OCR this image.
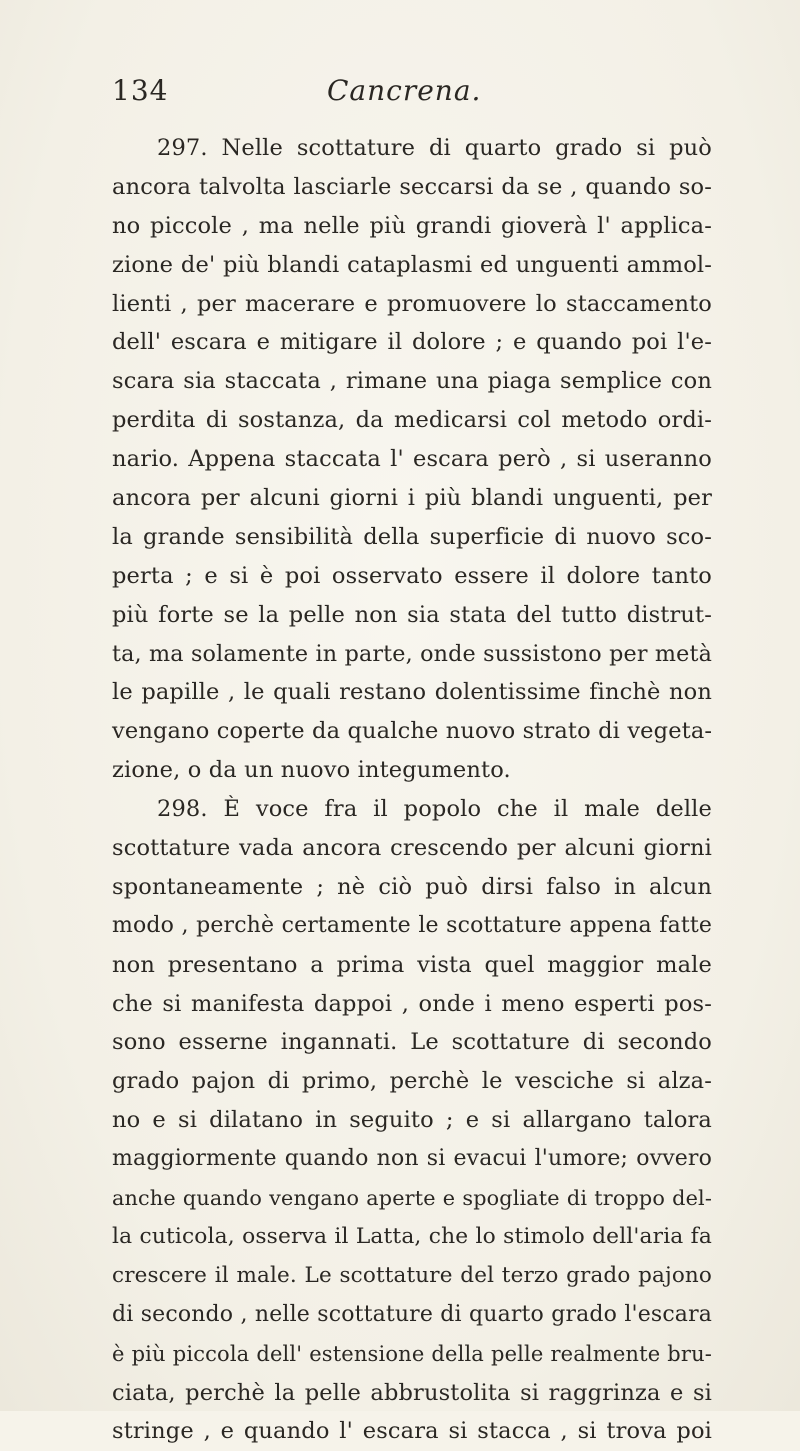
134	Cancrena.
297. Nelle scottature di quarto grado si può
ancora talvolta lasciarle seccarsi da se , quando so-
no piccole , ma nelle più grandi gioverà l' applica-
zione de' più blandi cataplasmi ed unguenti ammol-
lienti , per macerare e promuovere lo staccamento
dell' escara e mitigare il dolore ; e quando poi l'e-
scara sia staccata , rimane una piaga semplice con
perdita di sostanza, da medicarsi col metodo ordi-
nario. Appena staccata l' escara però , si useranno
ancora per alcuni giorni i più blandi unguenti, per
la grande sensibilità della superficie di nuovo sco-
perta ; e si è poi osservato essere il dolore tanto
più forte se la pelle non sia stata del tutto distrut-
ta, ma solamente in parte, onde sussistono per metà
le papille , le quali restano dolentissime finchè non
vengano coperte da qualche nuovo strato di vegeta-
zione, o da un nuovo integumento.
298. È voce fra il popolo che il male delle
scottature vada ancora crescendo per alcuni giorni
spontaneamente ; nè ciò può dirsi falso in alcun
modo , perchè certamente le scottature appena fatte
non presentano a prima vista quel maggior male
che si manifesta dappoi , onde i meno esperti pos-
sono esserne ingannati. Le scottature di secondo
grado pajon di primo, perchè le vesciche si alza-
no e si dilatano in seguito ; e si allargano talora
maggiormente quando non si evacui l'umore; ovvero
anche quando vengano aperte e spogliate di troppo del-
la cuticola, osserva il Latta, che lo stimolo dell'aria fa
crescere il male. Le scottature del terzo grado pajono
di secondo , nelle scottature di quarto grado l'escara
è più piccola dell' estensione della pelle realmente bru-
ciata, perchè la pelle abbrustolita si raggrinza e si
stringe , e quando l' escara si stacca , si trova poi
